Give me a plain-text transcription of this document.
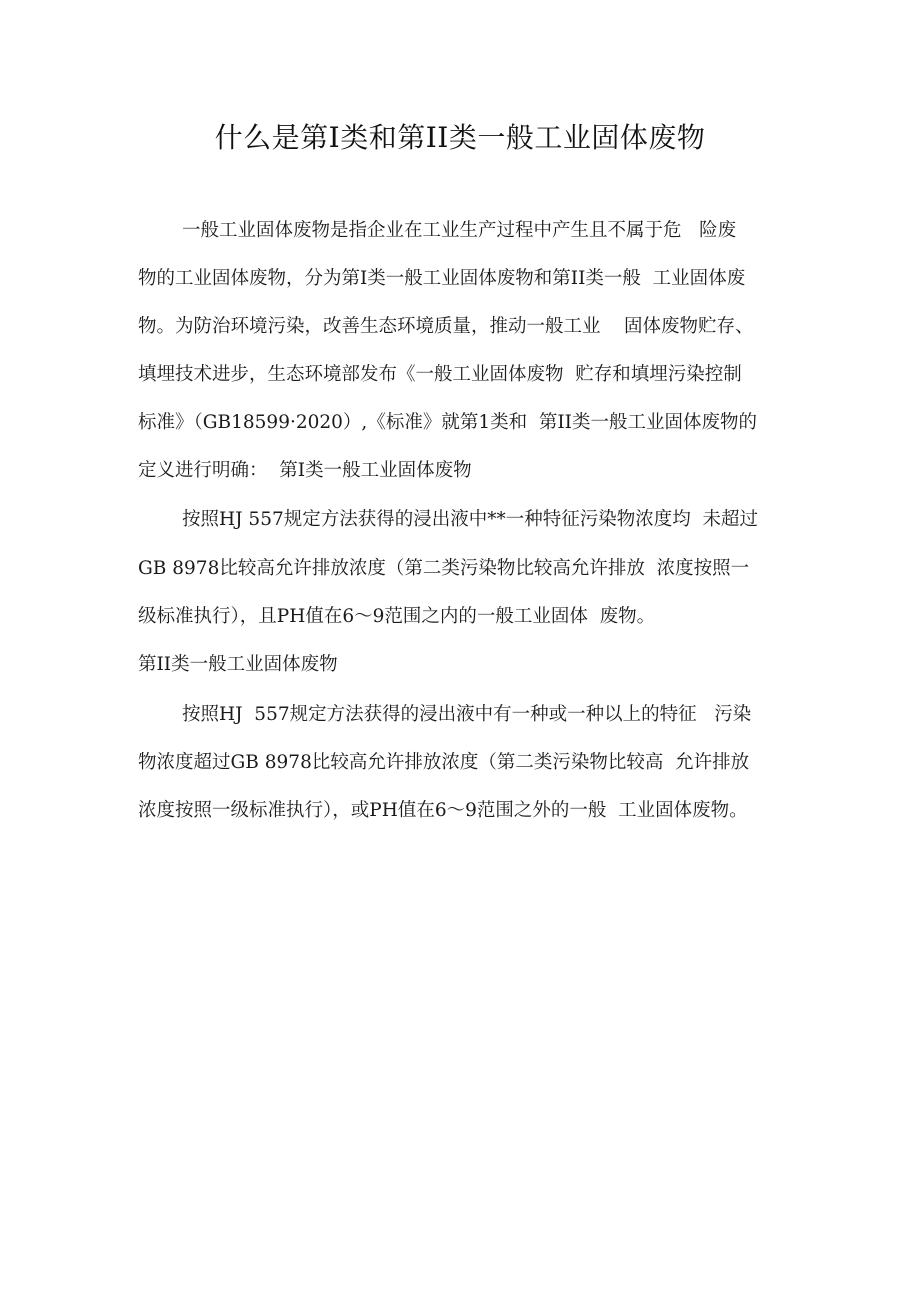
什么是第I类和第II类一般工业固体废物
一般工业固体废物是指企业在工业生产过程中产生且不属于危   险废
物的工业固体废物，分为第I类一般工业固体废物和第II类一般  工业固体废
物。为防治环境污染，改善生态环境质量，推动一般工业    固体废物贮存、
填埋技术进步，生态环境部发布《一般工业固体废物  贮存和填埋污染控制
标准》（GB18599·2020）,《标准》就第1类和  第II类一般工业固体废物的
定义进行明确：  第I类一般工业固体废物
按照HJ 557规定方法获得的浸出液中**一种特征污染物浓度均  未超过
GB 8978比较高允许排放浓度（第二类污染物比较高允许排放  浓度按照一
级标准执行），且PH值在6～9范围之内的一般工业固体  废物。
第II类一般工业固体废物
按照HJ  557规定方法获得的浸出液中有一种或一种以上的特征   污染
物浓度超过GB 8978比较高允许排放浓度（第二类污染物比较高  允许排放
浓度按照一级标准执行），或PH值在6～9范围之外的一般  工业固体废物。
